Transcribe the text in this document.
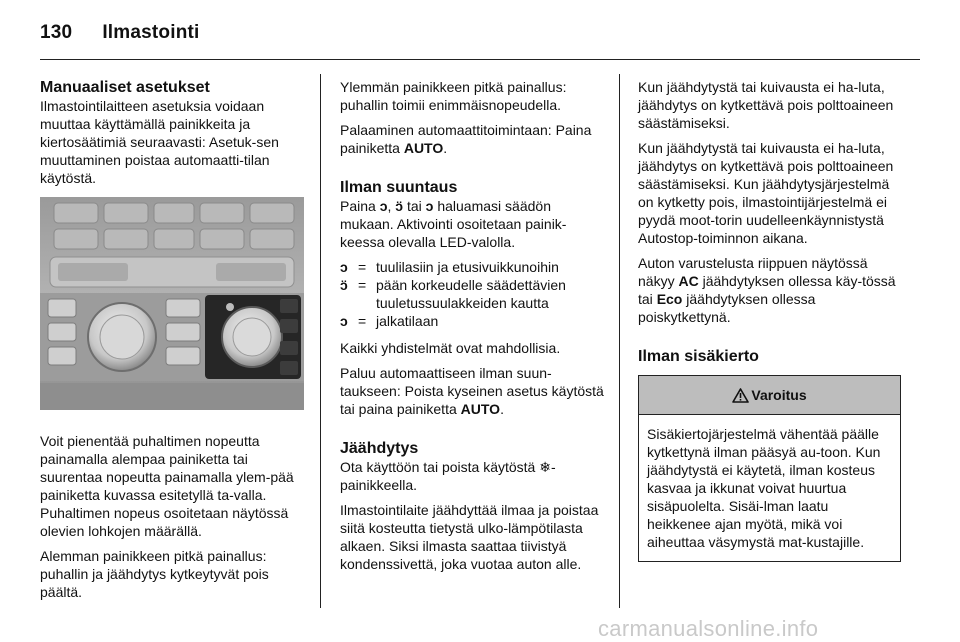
130 Ilmastointi
Manuaaliset asetukset

Ilmastointilaitteen asetuksia voidaan muuttaa käyttämällä painikkeita ja kiertosäätimiä seuraavasti: Asetuk-sen muuttaminen poistaa automaatti-tilan käytöstä.

Voit pienentää puhaltimen nopeutta painamalla alempaa painiketta tai suurentaa nopeutta painamalla ylem-pää painiketta kuvassa esitetyllä ta-valla. Puhaltimen nopeus osoitetaan näytössä olevien lohkojen määrällä.

Alemman painikkeen pitkä painallus: puhallin ja jäähdytys kytkeytyvät pois päältä.

Ylemmän painikkeen pitkä painallus: puhallin toimii enimmäisnopeudella.

Palaaminen automaattitoimintaan: Paina painiketta AUTO.

Ilman suuntaus

Paina ↄ, ɔ̈ tai ↄ haluamasi säädön mukaan. Aktivointi osoitetaan painik-keessa olevalla LED-valolla.

ↄ = tuulilasiin ja etusivuikkunoihin
ɔ̈ = pään korkeudelle säädettävien tuuletussuulakkeiden kautta
ↄ = jalkatilaan

Kaikki yhdistelmät ovat mahdollisia.

Paluu automaattiseen ilman suun-taukseen: Poista kyseinen asetus käytöstä tai paina painiketta AUTO.

Jäähdytys

Ota käyttöön tai poista käytöstä ❄-painikkeella.

Ilmastointilaite jäähdyttää ilmaa ja poistaa siitä kosteutta tietystä ulko-lämpötilasta alkaen. Siksi ilmasta saattaa tiivistyä kondenssivettä, joka vuotaa auton alle.

Kun jäähdytystä tai kuivausta ei ha-luta, jäähdytys on kytkettävä pois polttoaineen säästämiseksi.

Kun jäähdytystä tai kuivausta ei ha-luta, jäähdytys on kytkettävä pois polttoaineen säästämiseksi. Kun jäähdytysjärjestelmä on kytketty pois, ilmastointijärjestelmä ei pyydä moot-torin uudelleenkäynnistystä Autostop-toiminnon aikana.

Auton varustelusta riippuen näytössä näkyy AC jäähdytyksen ollessa käy-tössä tai Eco jäähdytyksen ollessa poiskytkettynä.

Ilman sisäkierto
Varoitus
Sisäkiertojärjestelmä vähentää päälle kytkettynä ilman pääsyä au-toon. Kun jäähdytystä ei käytetä, ilman kosteus kasvaa ja ikkunat voivat huurtua sisäpuolelta. Sisäi-lman laatu heikkenee ajan myötä, mikä voi aiheuttaa väsymystä mat-kustajille.
carmanualsonline.info
